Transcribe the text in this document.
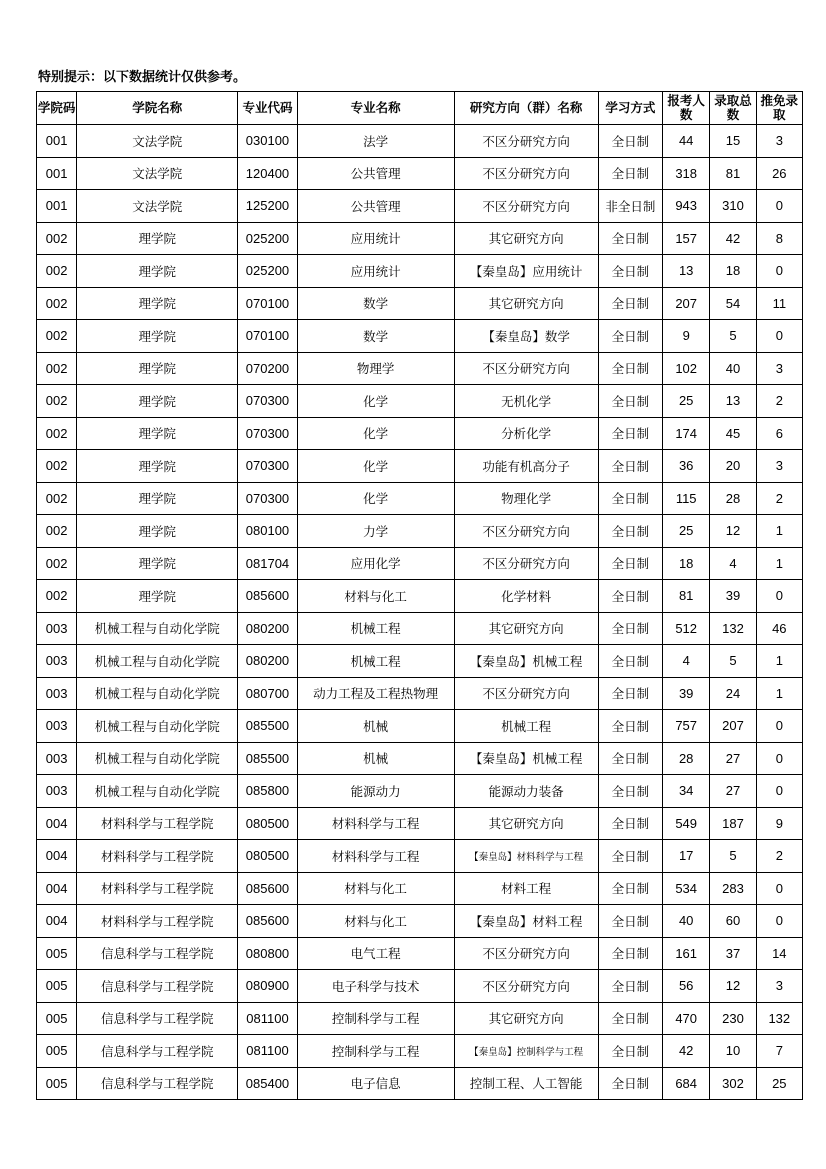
特别提示：以下数据统计仅供参考。
学院码	学院名称	专业代码	专业名称	研究方向（群）名称	学习方式	报考人数	录取总数	推免录取
001	文法学院	030100	法学	不区分研究方向	全日制	44	15	3
001	文法学院	120400	公共管理	不区分研究方向	全日制	318	81	26
001	文法学院	125200	公共管理	不区分研究方向	非全日制	943	310	0
002	理学院	025200	应用统计	其它研究方向	全日制	157	42	8
002	理学院	025200	应用统计	【秦皇岛】应用统计	全日制	13	18	0
002	理学院	070100	数学	其它研究方向	全日制	207	54	11
002	理学院	070100	数学	【秦皇岛】数学	全日制	9	5	0
002	理学院	070200	物理学	不区分研究方向	全日制	102	40	3
002	理学院	070300	化学	无机化学	全日制	25	13	2
002	理学院	070300	化学	分析化学	全日制	174	45	6
002	理学院	070300	化学	功能有机高分子	全日制	36	20	3
002	理学院	070300	化学	物理化学	全日制	115	28	2
002	理学院	080100	力学	不区分研究方向	全日制	25	12	1
002	理学院	081704	应用化学	不区分研究方向	全日制	18	4	1
002	理学院	085600	材料与化工	化学材料	全日制	81	39	0
003	机械工程与自动化学院	080200	机械工程	其它研究方向	全日制	512	132	46
003	机械工程与自动化学院	080200	机械工程	【秦皇岛】机械工程	全日制	4	5	1
003	机械工程与自动化学院	080700	动力工程及工程热物理	不区分研究方向	全日制	39	24	1
003	机械工程与自动化学院	085500	机械	机械工程	全日制	757	207	0
003	机械工程与自动化学院	085500	机械	【秦皇岛】机械工程	全日制	28	27	0
003	机械工程与自动化学院	085800	能源动力	能源动力装备	全日制	34	27	0
004	材料科学与工程学院	080500	材料科学与工程	其它研究方向	全日制	549	187	9
004	材料科学与工程学院	080500	材料科学与工程	【秦皇岛】材料科学与工程	全日制	17	5	2
004	材料科学与工程学院	085600	材料与化工	材料工程	全日制	534	283	0
004	材料科学与工程学院	085600	材料与化工	【秦皇岛】材料工程	全日制	40	60	0
005	信息科学与工程学院	080800	电气工程	不区分研究方向	全日制	161	37	14
005	信息科学与工程学院	080900	电子科学与技术	不区分研究方向	全日制	56	12	3
005	信息科学与工程学院	081100	控制科学与工程	其它研究方向	全日制	470	230	132
005	信息科学与工程学院	081100	控制科学与工程	【秦皇岛】控制科学与工程	全日制	42	10	7
005	信息科学与工程学院	085400	电子信息	控制工程、人工智能	全日制	684	302	25
